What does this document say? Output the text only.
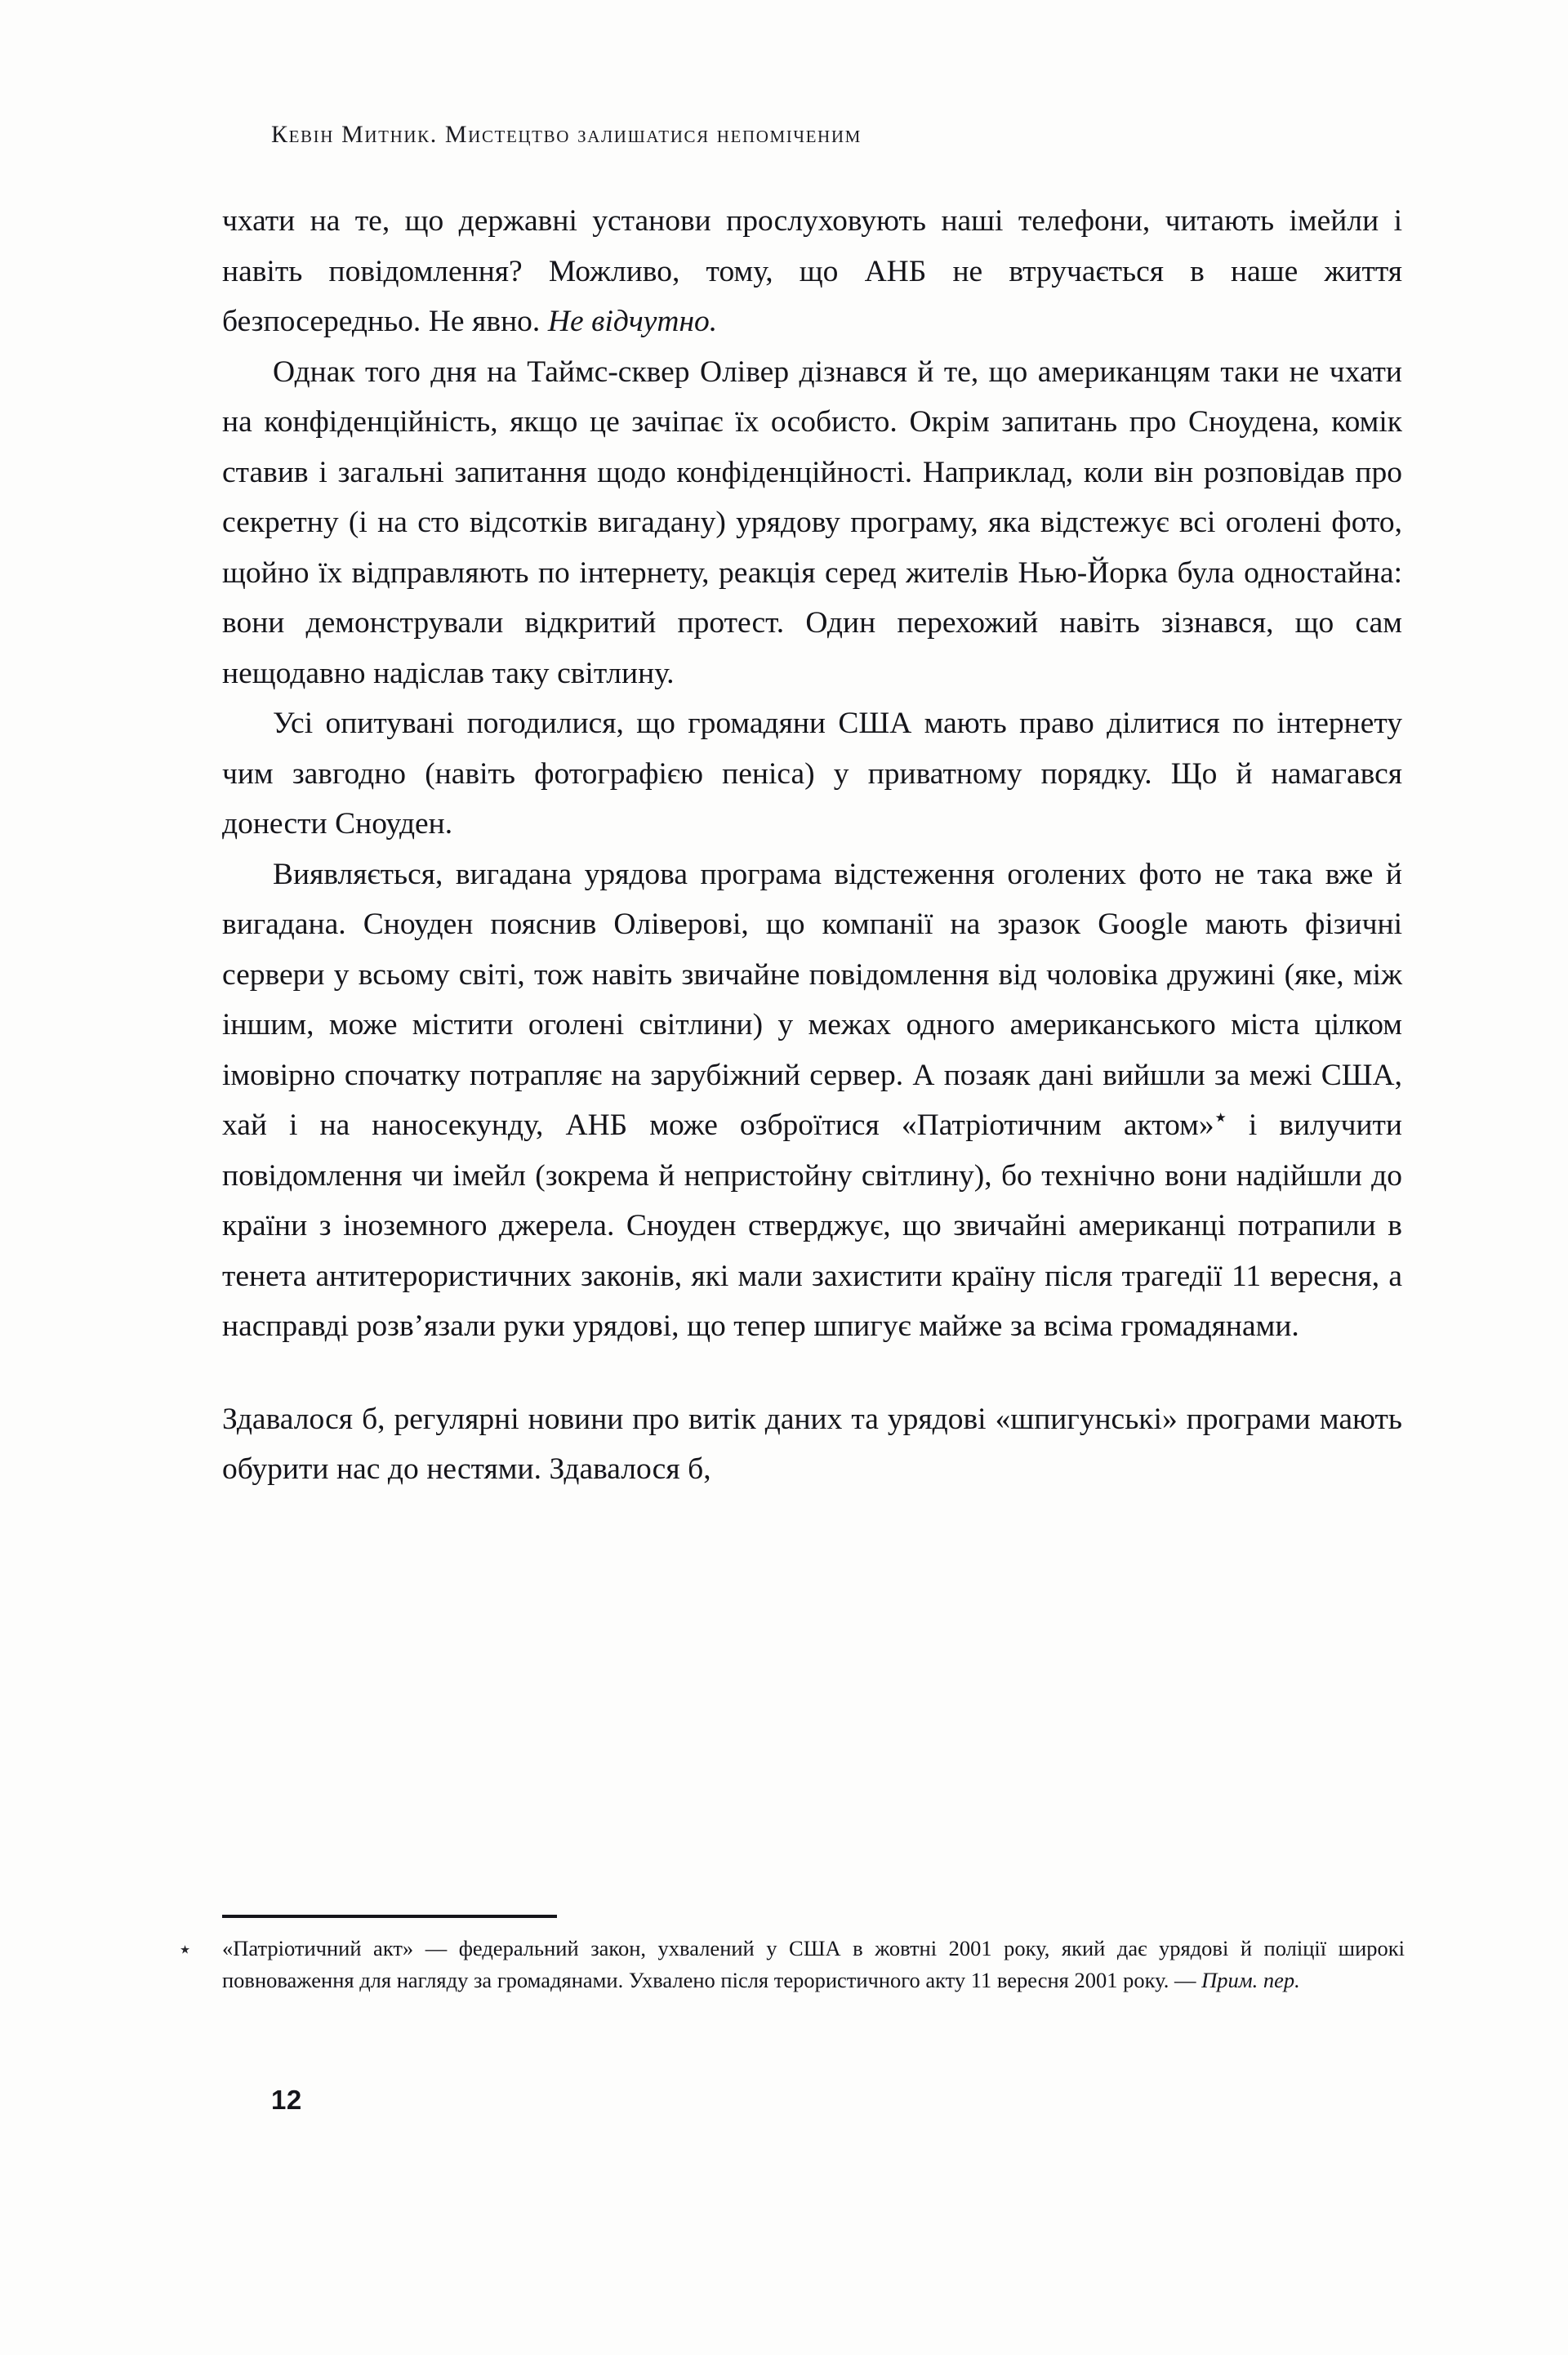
Кевін Митник. Мистецтво залишатися непоміченим

чхати на те, що державні установи прослуховують наші телефони, читають імейли і навіть повідомлення? Можливо, тому, що АНБ не втручається в наше життя безпосередньо. Не явно. Не відчутно.

Однак того дня на Таймс-сквер Олівер дізнався й те, що американцям таки не чхати на конфіденційність, якщо це зачіпає їх особисто. Окрім запитань про Сноудена, комік ставив і загальні запитання щодо конфіденційності. Наприклад, коли він розповідав про секретну (і на сто відсотків вигадану) урядову програму, яка відстежує всі оголені фото, щойно їх відправляють по інтернету, реакція серед жителів Нью-Йорка була одностайна: вони демонстрували відкритий протест. Один перехожий навіть зізнався, що сам нещодавно надіслав таку світлину.

Усі опитувані погодилися, що громадяни США мають право ділитися по інтернету чим завгодно (навіть фотографією пеніса) у приватному порядку. Що й намагався донести Сноуден.

Виявляється, вигадана урядова програма відстеження оголених фото не така вже й вигадана. Сноуден пояснив Оліверові, що компанії на зразок Google мають фізичні сервери у всьому світі, тож навіть звичайне повідомлення від чоловіка дружині (яке, між іншим, може містити оголені світлини) у межах одного американського міста цілком імовірно спочатку потрапляє на зарубіжний сервер. А позаяк дані вийшли за межі США, хай і на наносекунду, АНБ може озброїтися «Патріотичним актом»٭ і вилучити повідомлення чи імейл (зокрема й непристойну світлину), бо технічно вони надійшли до країни з іноземного джерела. Сноуден стверджує, що звичайні американці потрапили в тенета антитерористичних законів, які мали захистити країну після трагедії 11 вересня, а насправді розв’язали руки урядові, що тепер шпигує майже за всіма громадянами.

Здавалося б, регулярні новини про витік даних та урядові «шпигунські» програми мають обурити нас до нестями. Здавалося б,

٭ «Патріотичний акт» — федеральний закон, ухвалений у США в жовтні 2001 року, який дає урядові й поліції широкі повноваження для нагляду за громадянами. Ухвалено після терористичного акту 11 вересня 2001 року. — Прим. пер.

12
